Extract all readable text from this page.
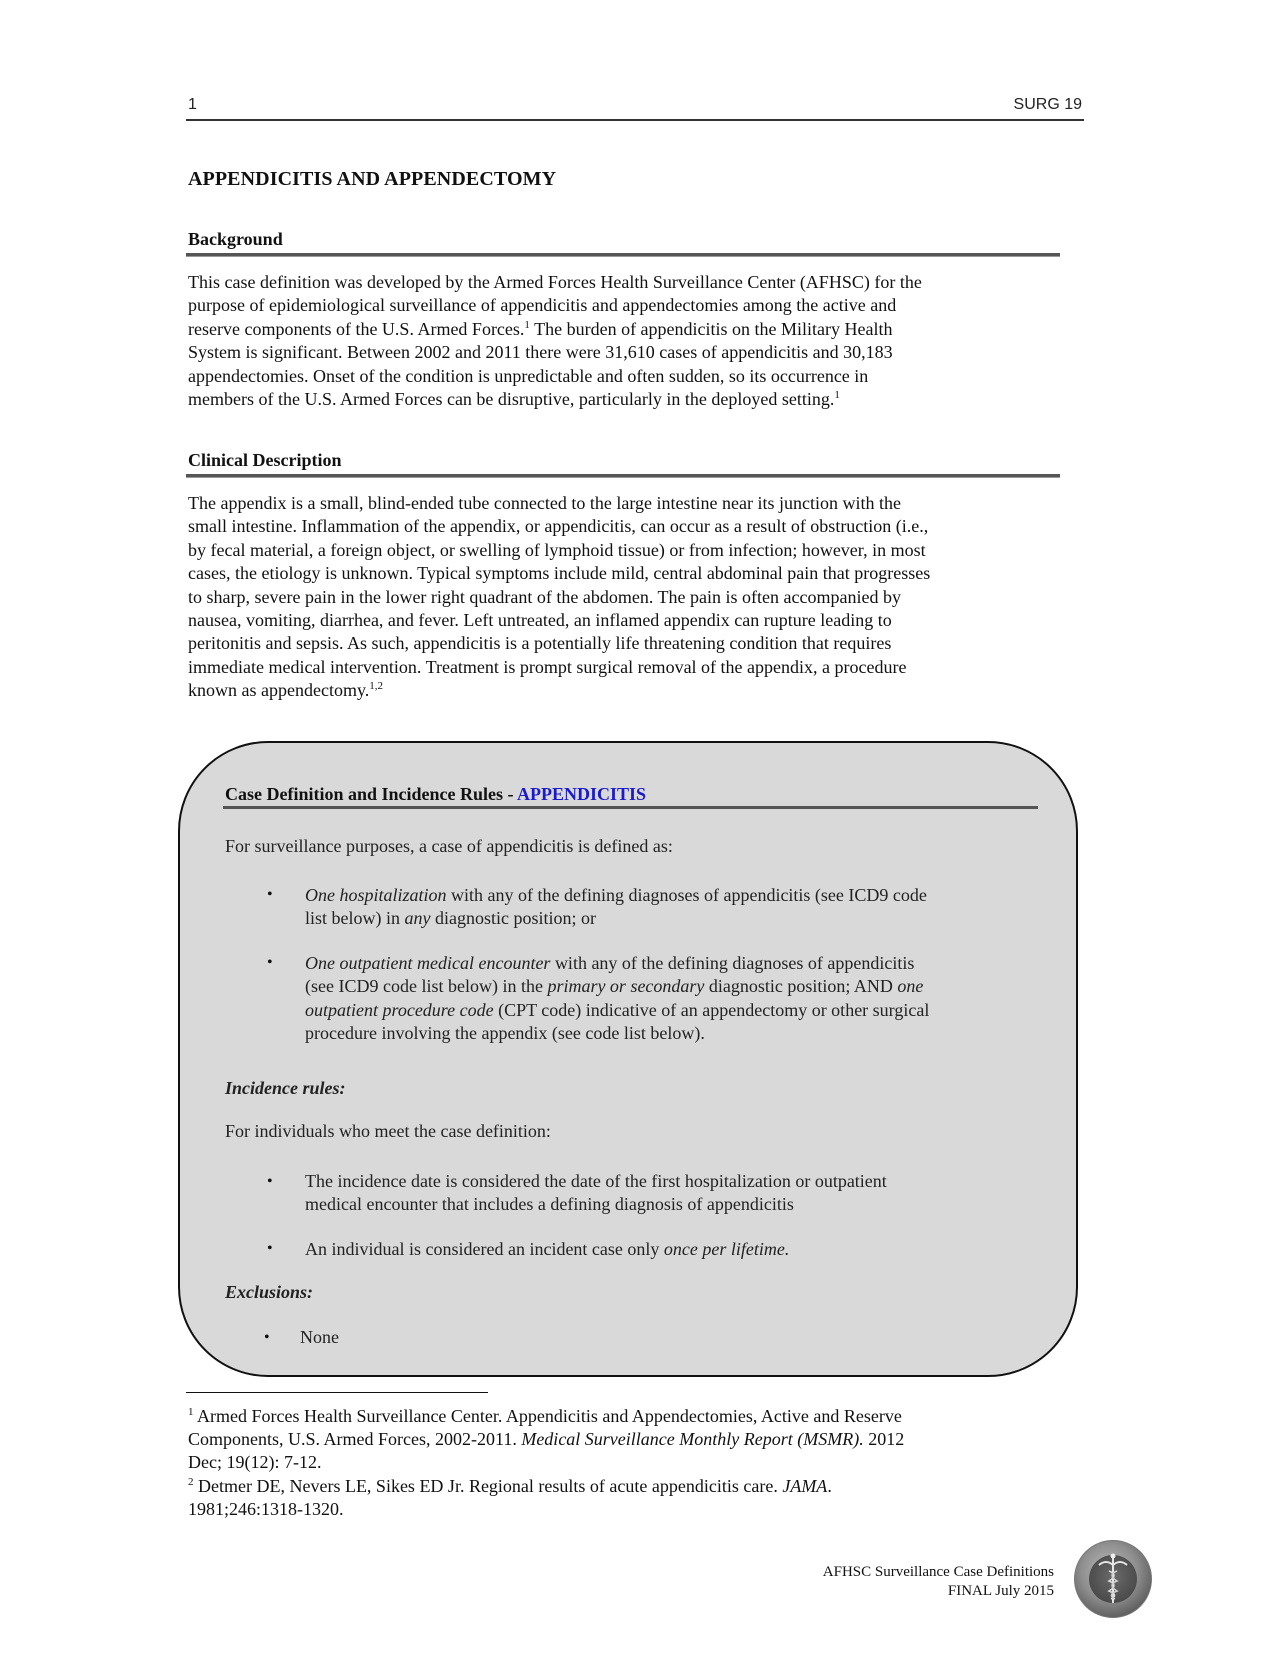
1	SURG 19
APPENDICITIS AND APPENDECTOMY
Background
This case definition was developed by the Armed Forces Health Surveillance Center (AFHSC) for the
purpose of epidemiological surveillance of appendicitis and appendectomies among the active and
reserve components of the U.S. Armed Forces.$^1$ The burden of appendicitis on the Military Health
System is significant. Between 2002 and 2011 there were 31,610 cases of appendicitis and 30,183
appendectomies. Onset of the condition is unpredictable and often sudden, so its occurrence in
members of the U.S. Armed Forces can be disruptive, particularly in the deployed setting.$^1$
Clinical Description
The appendix is a small, blind-ended tube connected to the large intestine near its junction with the
small intestine. Inflammation of the appendix, or appendicitis, can occur as a result of obstruction (i.e.,
by fecal material, a foreign object, or swelling of lymphoid tissue) or from infection; however, in most
cases, the etiology is unknown. Typical symptoms include mild, central abdominal pain that progresses
to sharp, severe pain in the lower right quadrant of the abdomen. The pain is often accompanied by
nausea, vomiting, diarrhea, and fever. Left untreated, an inflamed appendix can rupture leading to
peritonitis and sepsis. As such, appendicitis is a potentially life threatening condition that requires
immediate medical intervention. Treatment is prompt surgical removal of the appendix, a procedure
known as appendectomy.$^{1,2}$
Case Definition and Incidence Rules - APPENDICITIS
For surveillance purposes, a case of appendicitis is defined as:
• One hospitalization with any of the defining diagnoses of appendicitis (see ICD9 code
list below) in any diagnostic position; or
• One outpatient medical encounter with any of the defining diagnoses of appendicitis
(see ICD9 code list below) in the primary or secondary diagnostic position; AND one
outpatient procedure code (CPT code) indicative of an appendectomy or other surgical
procedure involving the appendix (see code list below).
Incidence rules:
For individuals who meet the case definition:
• The incidence date is considered the date of the first hospitalization or outpatient
medical encounter that includes a defining diagnosis of appendicitis
• An individual is considered an incident case only once per lifetime.
Exclusions:
• None
$^1$ Armed Forces Health Surveillance Center. Appendicitis and Appendectomies, Active and Reserve
Components, U.S. Armed Forces, 2002-2011. Medical Surveillance Monthly Report (MSMR). 2012
Dec; 19(12): 7-12.
$^2$ Detmer DE, Nevers LE, Sikes ED Jr. Regional results of acute appendicitis care. JAMA.
1981;246:1318-1320.
AFHSC Surveillance Case Definitions
FINAL July 2015
